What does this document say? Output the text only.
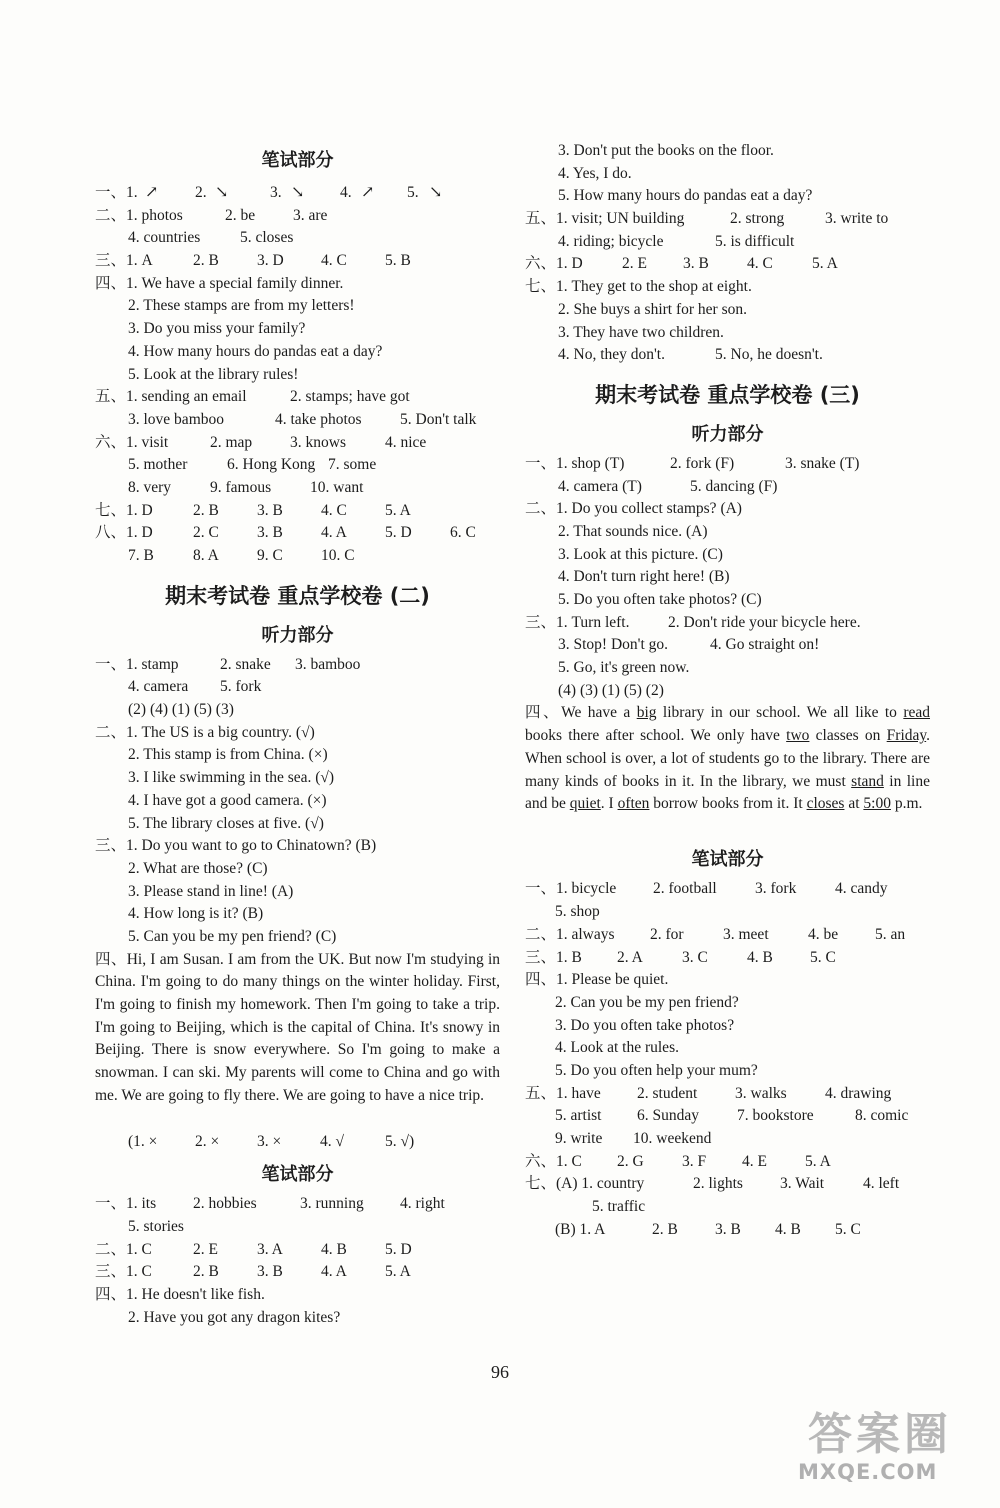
笔试部分
一、1. ↗ 2. ↘	3. ↘ 4. ↗ 5. ↘
二、1. photos	2. be 3. are
4. countries	5. closes
三、1. A	2. B 3. D 4. C 5. B
四、1. We have a special family dinner.
2. These stamps are from my letters!
3. Do you miss your family?
4. How many hours do pandas eat a day?
5. Look at the library rules!
五、1. sending an email	2. stamps; have got
3. love bamboo	4. take photos 5. Don't talk
六、1. visit	2. map 3. knows	4. nice
5. mother	6. Hong Kong 7. some
8. very	9. famous	10. want
七、1. D	2. B 3. B 4. C 5. A
八、1. D	2. C 3. B 4. A 5. D 6. C
7. B	8. A 9. C 10. C
期末考试卷 重点学校卷 (二)
听力部分
一、1. stamp	2. snake 3. bamboo
4. camera 5. fork
(2) (4) (1) (5) (3)
二、1. The US is a big country. (√)
2. This stamp is from China. (×)
3. I like swimming in the sea. (√)
4. I have got a good camera. (×)
5. The library closes at five. (√)
三、1. Do you want to go to Chinatown? (B)
2. What are those? (C)
3. Please stand in line! (A)
4. How long is it? (B)
5. Can you be my pen friend? (C)
四、Hi, I am Susan. I am from the UK. But now I'm studying in China. I'm going to do many things on the winter holiday. First, I'm going to finish my homework. Then I'm going to take a trip. I'm going to Beijing, which is the capital of China. It's snowy in Beijing. There is snow everywhere. So I'm going to make a snowman. I can ski. My parents will come to China and go with me. We are going to fly there. We are going to have a nice trip.
(1. × 2. × 3. ×	4. √	5. √)
笔试部分
一、1. its 2. hobbies	3. running 4. right
5. stories
二、1. C	2. E	3. A 4. B 5. D
三、1. C	2. B 3. B 4. A 5. A
四、1. He doesn't like fish.
2. Have you got any dragon kites?
3. Don't put the books on the floor.
4. Yes, I do.
5. How many hours do pandas eat a day?
五、1. visit; UN building	2. strong	3. write to
4. riding; bicycle	5. is difficult
六、1. D	2. E 3. B 4. C	5. A
七、1. They get to the shop at eight.
2. She buys a shirt for her son.
3. They have two children.
4. No, they don't.	5. No, he doesn't.
期末考试卷 重点学校卷 (三)
听力部分
一、1. shop (T)	2. fork (F)	3. snake (T)
4. camera (T)	5. dancing (F)
二、1. Do you collect stamps? (A)
2. That sounds nice. (A)
3. Look at this picture. (C)
4. Don't turn right here! (B)
5. Do you often take photos? (C)
三、1. Turn left. 2. Don't ride your bicycle here.
3. Stop! Don't go.	4. Go straight on!
5. Go, it's green now.
(4) (3) (1) (5) (2)
四、We have a big library in our school. We all like to read books there after school. We only have two classes on Friday. When school is over, a lot of students go to the library. There are many kinds of books in it. In the library, we must stand in line and be quiet. I often borrow books from it. It closes at 5:00 p.m.
笔试部分
一、1. bicycle 2. football 3. fork 4. candy
5. shop
二、1. always 2. for	3. meet	4. be 5. an
三、1. B 2. A	3. C	4. B 5. C
四、1. Please be quiet.
2. Can you be my pen friend?
3. Do you often take photos?
4. Look at the rules.
5. Do you often help your mum?
五、1. have 2. student 3. walks 4. drawing
5. artist 6. Sunday 7. bookstore	8. comic
9. write 10. weekend
六、1. C 2. G 3. F 4. E 5. A
七、(A) 1. country	2. lights 3. Wait	4. left
5. traffic
(B) 1. A	2. B 3. B 4. B 5. C
96
答案圈
MXQE.COM
